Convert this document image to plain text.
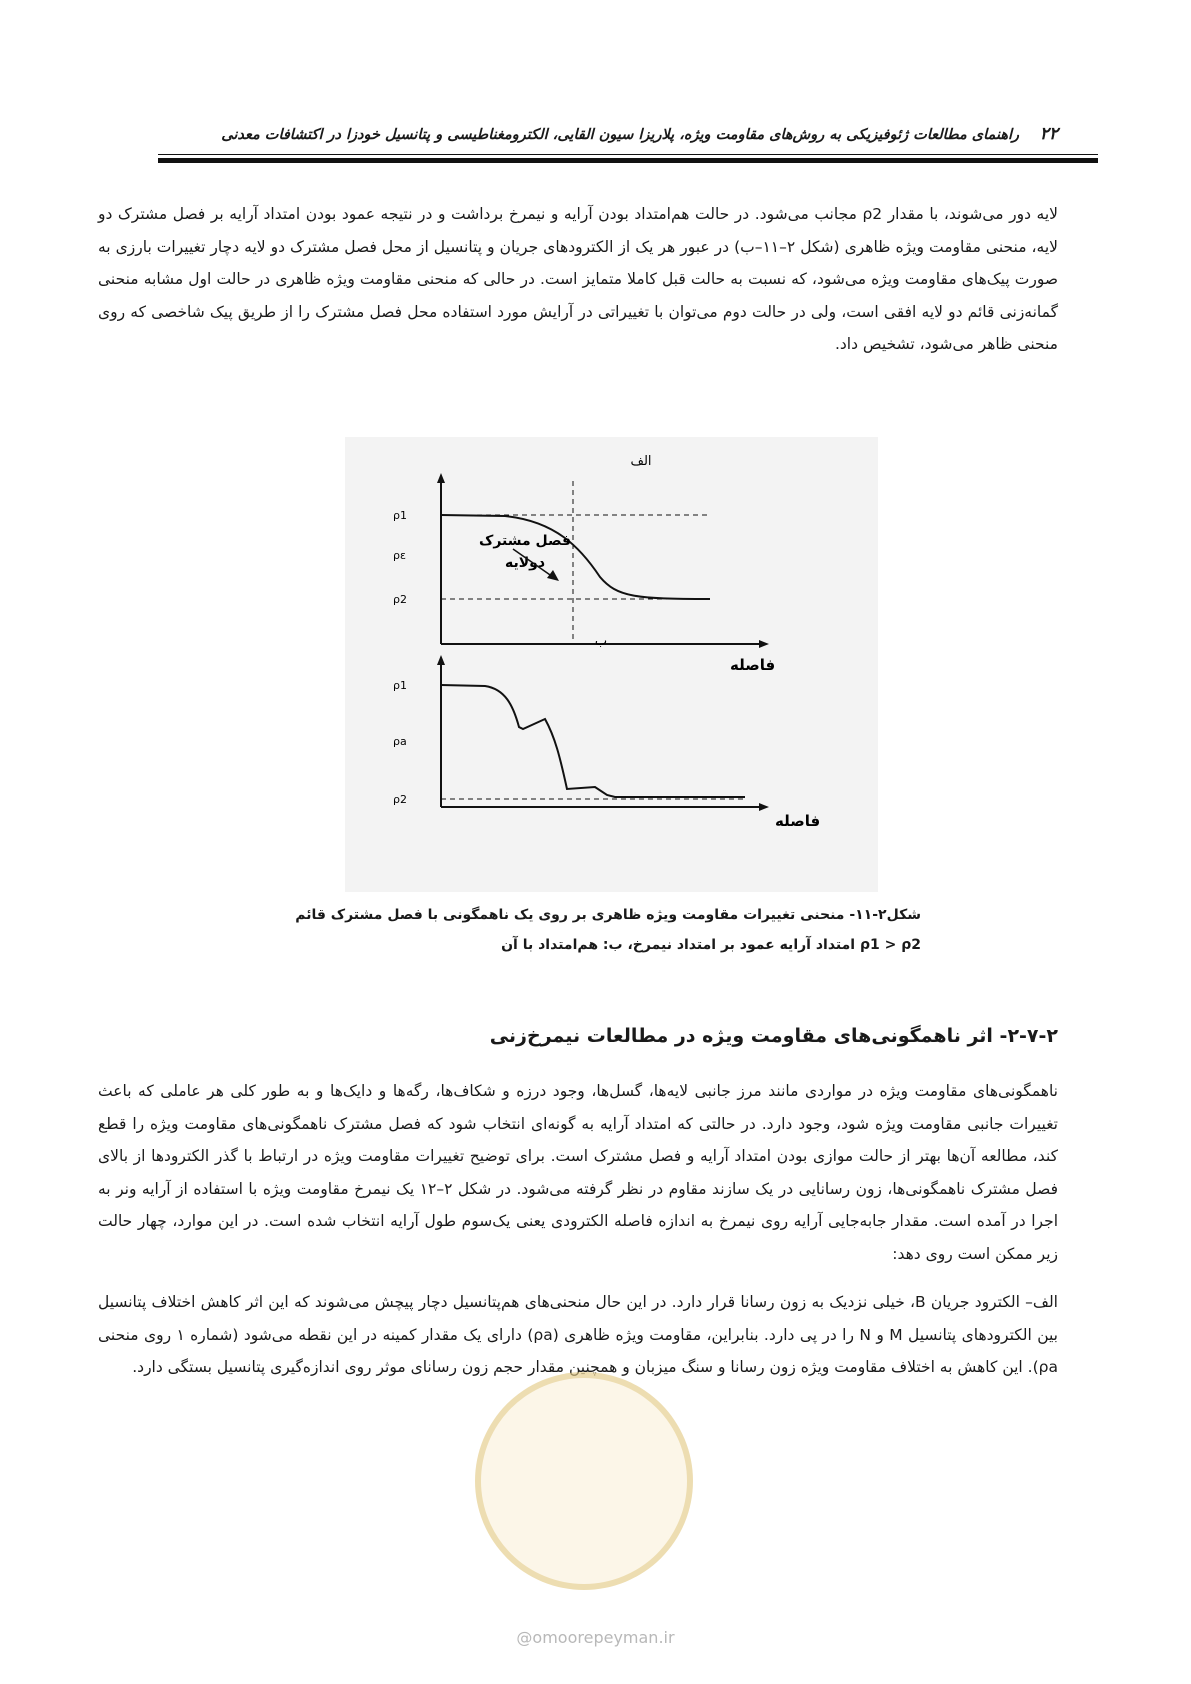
۲۲
راهنمای مطالعات ژئوفیزیکی به روش‌های مقاومت ویژه، پلاریزا سیون القایی، الکترومغناطیسی و پتانسیل خودزا در اکتشافات معدنی

لایه دور می‌شوند، با مقدار ρ2 مجانب می‌شود. در حالت هم‌امتداد بودن آرایه و نیمرخ برداشت و در نتیجه عمود بودن امتداد آرایه بر فصل مشترک دو لایه، منحنی مقاومت ویژه ظاهری (شکل ۲–۱۱–ب) در عبور هر یک از الکترودهای جریان و پتانسیل از محل فصل مشترک دو لایه دچار تغییرات بارزی به صورت پیک‌های مقاومت ویژه می‌شود، که نسبت به حالت قبل کاملا متمایز است. در حالی که منحنی مقاومت ویژه ظاهری در حالت اول مشابه منحنی گمانه‌زنی قائم دو لایه افقی است، ولی در حالت دوم می‌توان با تغییراتی در آرایش مورد استفاده محل فصل مشترک را از طریق پیک شاخصی که روی منحنی ظاهر می‌شود، تشخیص داد.

الف
ρ1
ρε
ρ2
فصل مشترک
دولایه
فاصله
ب
ρ1
ρa
ρ2
فاصله

شکل۲-۱۱- منحنی تغییرات مقاومت ویژه ظاهری بر روی یک ناهمگونی با فصل مشترک قائم

ρ1 > ρ2 امتداد آرایه عمود بر امتداد نیمرخ، ب: هم‌امتداد با آن

۲-۷-۲- اثر ناهمگونی‌های مقاومت ویژه در مطالعات نیمرخ‌زنی

ناهمگونی‌های مقاومت ویژه در مواردی مانند مرز جانبی لایه‌ها، گسل‌ها، وجود درزه و شکاف‌ها، رگه‌ها و دایک‌ها و به طور کلی هر عاملی که باعث تغییرات جانبی مقاومت ویژه شود، وجود دارد. در حالتی که امتداد آرایه به گونه‌ای انتخاب شود که فصل مشترک ناهمگونی‌های مقاومت ویژه را قطع کند، مطالعه آن‌ها بهتر از حالت موازی بودن امتداد آرایه و فصل مشترک است. برای توضیح تغییرات مقاومت ویژه در ارتباط با گذر الکترودها از بالای فصل مشترک ناهمگونی‌ها، زون رسانایی در یک سازند مقاوم در نظر گرفته می‌شود. در شکل ۲–۱۲ یک نیمرخ مقاومت ویژه با استفاده از آرایه ونر به اجرا در آمده است. مقدار جابه‌جایی آرایه روی نیمرخ به اندازه فاصله الکترودی یعنی یک‌سوم طول آرایه انتخاب شده است. در این موارد، چهار حالت زیر ممکن است روی دهد:

الف– الکترود جریان B، خیلی نزدیک به زون رسانا قرار دارد. در این حال منحنی‌های هم‌پتانسیل دچار پیچش می‌شوند که این اثر کاهش اختلاف پتانسیل بین الکترودهای پتانسیل M و N را در پی دارد. بنابراین، مقاومت ویژه ظاهری (ρa) دارای یک مقدار کمینه در این نقطه می‌شود (شماره ۱ روی منحنی ρa). این کاهش به اختلاف مقاومت ویژه زون رسانا و سنگ میزبان و همچنین مقدار حجم زون رسانای موثر روی اندازه‌گیری پتانسیل بستگی دارد.

@omoorepeyman.ir
